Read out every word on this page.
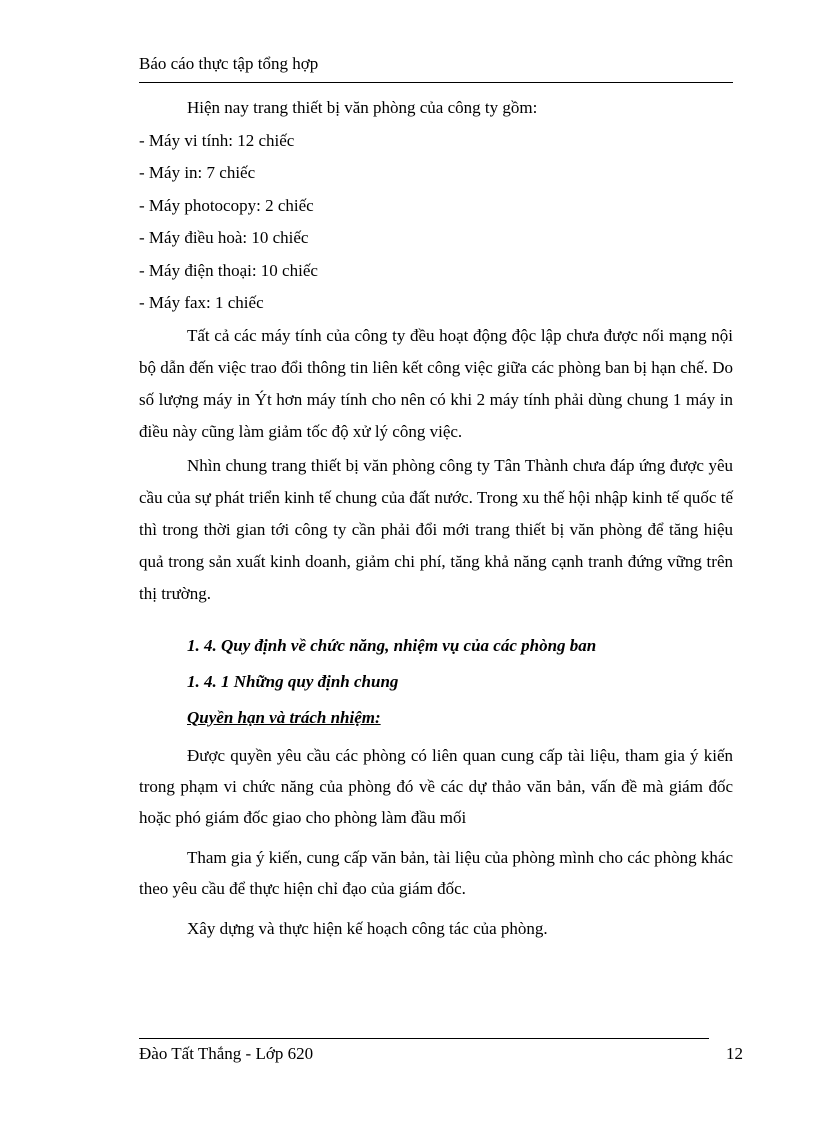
Báo cáo thực tập tổng hợp
Hiện nay trang thiết bị văn phòng của công ty gồm:
- Máy vi tính: 12 chiếc
- Máy in: 7 chiếc
- Máy photocopy: 2 chiếc
- Máy điều hoà: 10 chiếc
- Máy điện thoại: 10 chiếc
- Máy fax: 1 chiếc

Tất cả các máy tính của công ty đều hoạt động độc lập chưa được nối mạng nội bộ dẫn đến việc trao đổi thông tin liên kết công việc giữa các phòng ban bị hạn chế. Do số lượng máy in Ýt hơn máy tính cho nên có khi 2 máy tính phải dùng chung 1 máy in điều này cũng làm giảm tốc độ xử lý công việc.

Nhìn chung trang thiết bị văn phòng công ty Tân Thành chưa đáp ứng được yêu cầu của sự phát triển kinh tế chung của đất nước. Trong xu thế hội nhập kinh tế quốc tế thì trong thời gian tới công ty cần phải đổi mới trang thiết bị văn phòng để tăng hiệu quả trong sản xuất kinh doanh, giảm chi phí, tăng khả năng cạnh tranh đứng vững trên thị trường.

1. 4. Quy định về chức năng, nhiệm vụ của các phòng ban
1. 4. 1 Những quy định chung
Quyền hạn và trách nhiệm:

Được quyền yêu cầu các phòng có liên quan cung cấp tài liệu, tham gia ý kiến trong phạm vi chức năng của phòng đó về các dự thảo văn bản, vấn đề mà giám đốc hoặc phó giám đốc giao cho phòng làm đầu mối

Tham gia ý kiến, cung cấp văn bản, tài liệu của phòng mình cho các phòng khác theo yêu cầu để thực hiện chỉ đạo của giám đốc.

Xây dựng và thực hiện kế hoạch công tác của phòng.

Đào Tất Thắng - Lớp 620	12
